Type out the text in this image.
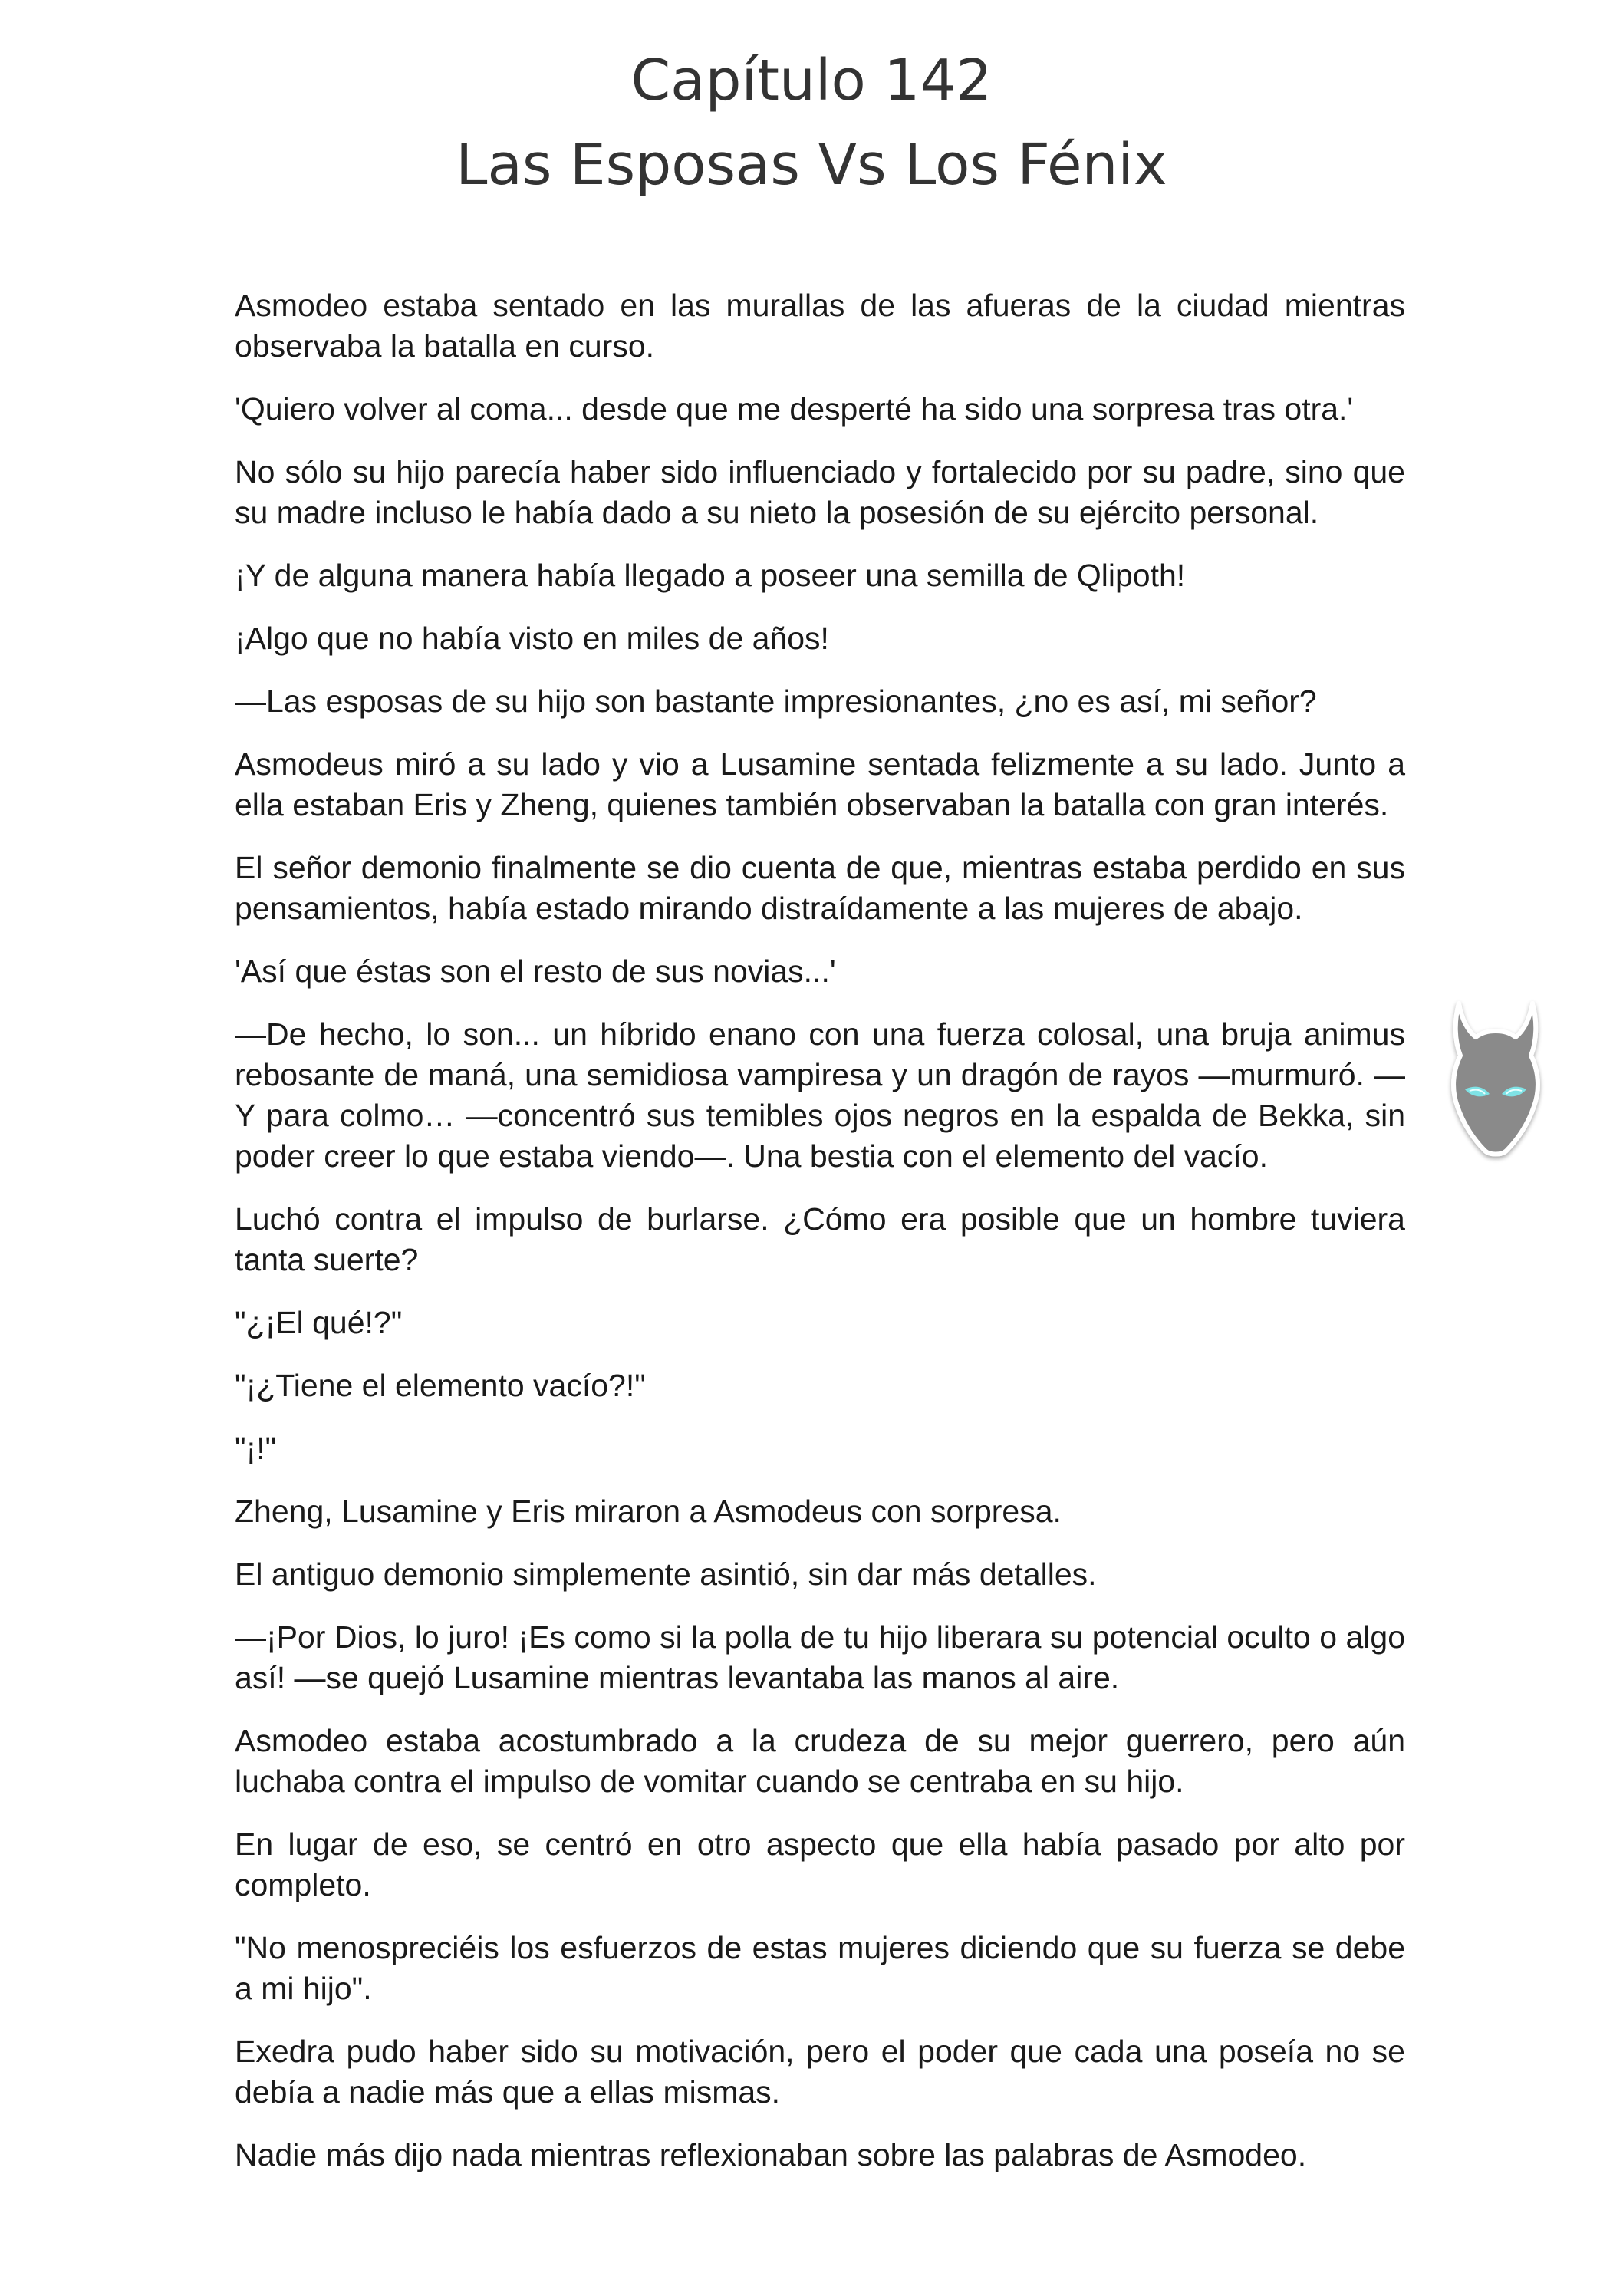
Capítulo 142
Las Esposas Vs Los Fénix

Asmodeo estaba sentado en las murallas de las afueras de la ciudad mientras observaba la batalla en curso.

'Quiero volver al coma... desde que me desperté ha sido una sorpresa tras otra.'

No sólo su hijo parecía haber sido influenciado y fortalecido por su padre, sino que su madre incluso le había dado a su nieto la posesión de su ejército personal.

¡Y de alguna manera había llegado a poseer una semilla de Qlipoth!

¡Algo que no había visto en miles de años!

—Las esposas de su hijo son bastante impresionantes, ¿no es así, mi señor?

Asmodeus miró a su lado y vio a Lusamine sentada felizmente a su lado. Junto a ella estaban Eris y Zheng, quienes también observaban la batalla con gran interés.

El señor demonio finalmente se dio cuenta de que, mientras estaba perdido en sus pensamientos, había estado mirando distraídamente a las mujeres de abajo.

'Así que éstas son el resto de sus novias...'

—De hecho, lo son... un híbrido enano con una fuerza colosal, una bruja animus rebosante de maná, una semidiosa vampiresa y un dragón de rayos —murmuró. —Y para colmo… —concentró sus temibles ojos negros en la espalda de Bekka, sin poder creer lo que estaba viendo—. Una bestia con el elemento del vacío.

Luchó contra el impulso de burlarse. ¿Cómo era posible que un hombre tuviera tanta suerte?

"¿¡El qué!?"

"¡¿Tiene el elemento vacío?!"

"¡!"

Zheng, Lusamine y Eris miraron a Asmodeus con sorpresa.

El antiguo demonio simplemente asintió, sin dar más detalles.

—¡Por Dios, lo juro! ¡Es como si la polla de tu hijo liberara su potencial oculto o algo así! —se quejó Lusamine mientras levantaba las manos al aire.

Asmodeo estaba acostumbrado a la crudeza de su mejor guerrero, pero aún luchaba contra el impulso de vomitar cuando se centraba en su hijo.

En lugar de eso, se centró en otro aspecto que ella había pasado por alto por completo.

"No menospreciéis los esfuerzos de estas mujeres diciendo que su fuerza se debe a mi hijo".

Exedra pudo haber sido su motivación, pero el poder que cada una poseía no se debía a nadie más que a ellas mismas.

Nadie más dijo nada mientras reflexionaban sobre las palabras de Asmodeo.
